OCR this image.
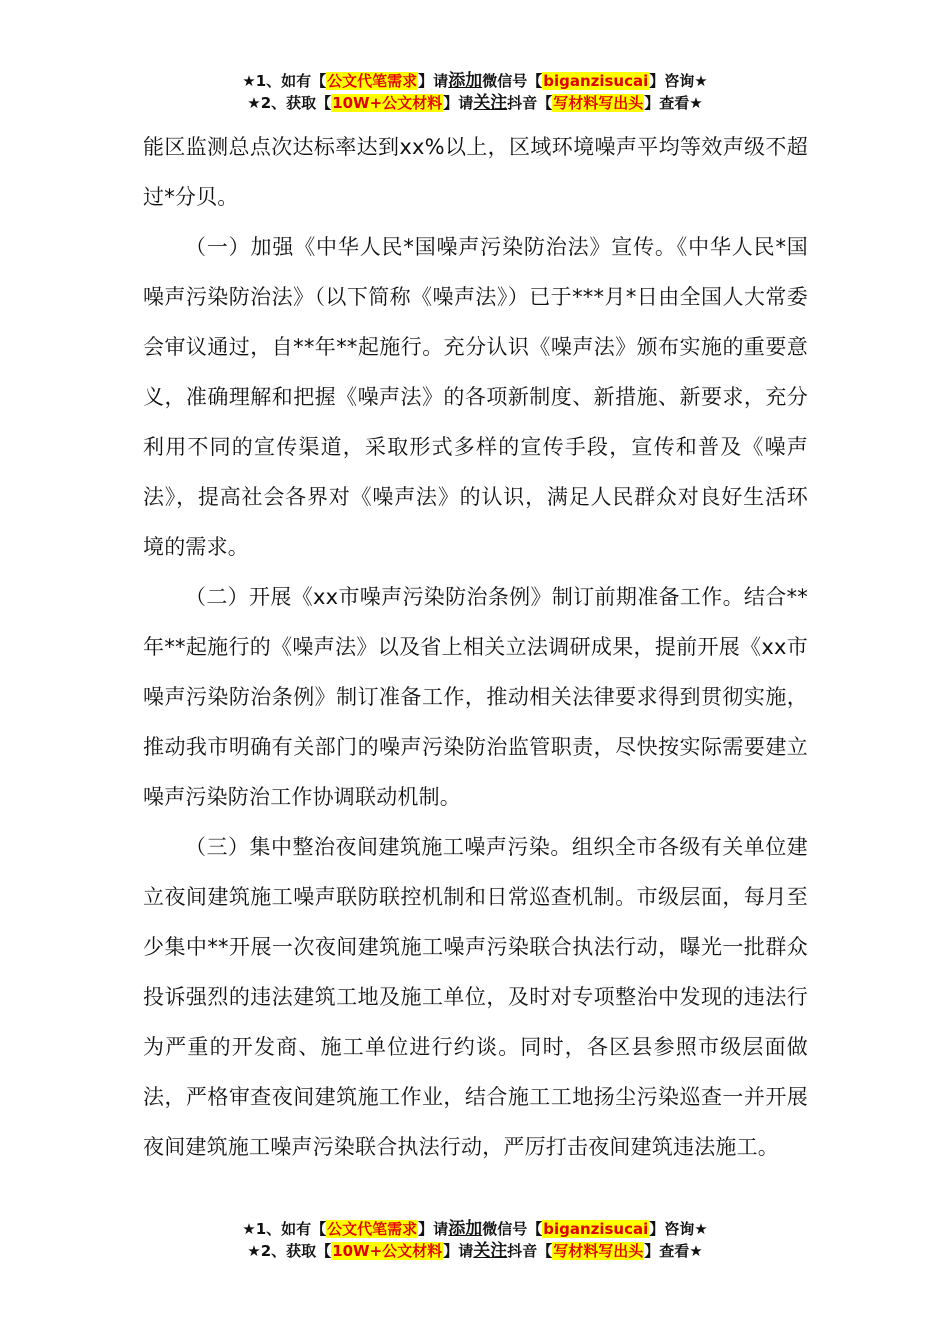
★1、如有【公文代笔需求】请添加微信号【biganzisucai】咨询★
★2、获取【10W+公文材料】请关注抖音【写材料写出头】查看★

能区监测总点次达标率达到xx%以上，区域环境噪声平均等效声级不超过*分贝。

（一）加强《中华人民*国噪声污染防治法》宣传。《中华人民*国噪声污染防治法》（以下简称《噪声法》）已于***月*日由全国人大常委会审议通过，自**年**起施行。充分认识《噪声法》颁布实施的重要意义，准确理解和把握《噪声法》的各项新制度、新措施、新要求，充分利用不同的宣传渠道，采取形式多样的宣传手段，宣传和普及《噪声法》，提高社会各界对《噪声法》的认识，满足人民群众对良好生活环境的需求。

（二）开展《xx市噪声污染防治条例》制订前期准备工作。结合**年**起施行的《噪声法》以及省上相关立法调研成果，提前开展《xx市噪声污染防治条例》制订准备工作，推动相关法律要求得到贯彻实施，推动我市明确有关部门的噪声污染防治监管职责，尽快按实际需要建立噪声污染防治工作协调联动机制。

（三）集中整治夜间建筑施工噪声污染。组织全市各级有关单位建立夜间建筑施工噪声联防联控机制和日常巡查机制。市级层面，每月至少集中**开展一次夜间建筑施工噪声污染联合执法行动，曝光一批群众投诉强烈的违法建筑工地及施工单位，及时对专项整治中发现的违法行为严重的开发商、施工单位进行约谈。同时，各区县参照市级层面做法，严格审查夜间建筑施工作业，结合施工工地扬尘污染巡查一并开展夜间建筑施工噪声污染联合执法行动，严厉打击夜间建筑违法施工。

★1、如有【公文代笔需求】请添加微信号【biganzisucai】咨询★
★2、获取【10W+公文材料】请关注抖音【写材料写出头】查看★
